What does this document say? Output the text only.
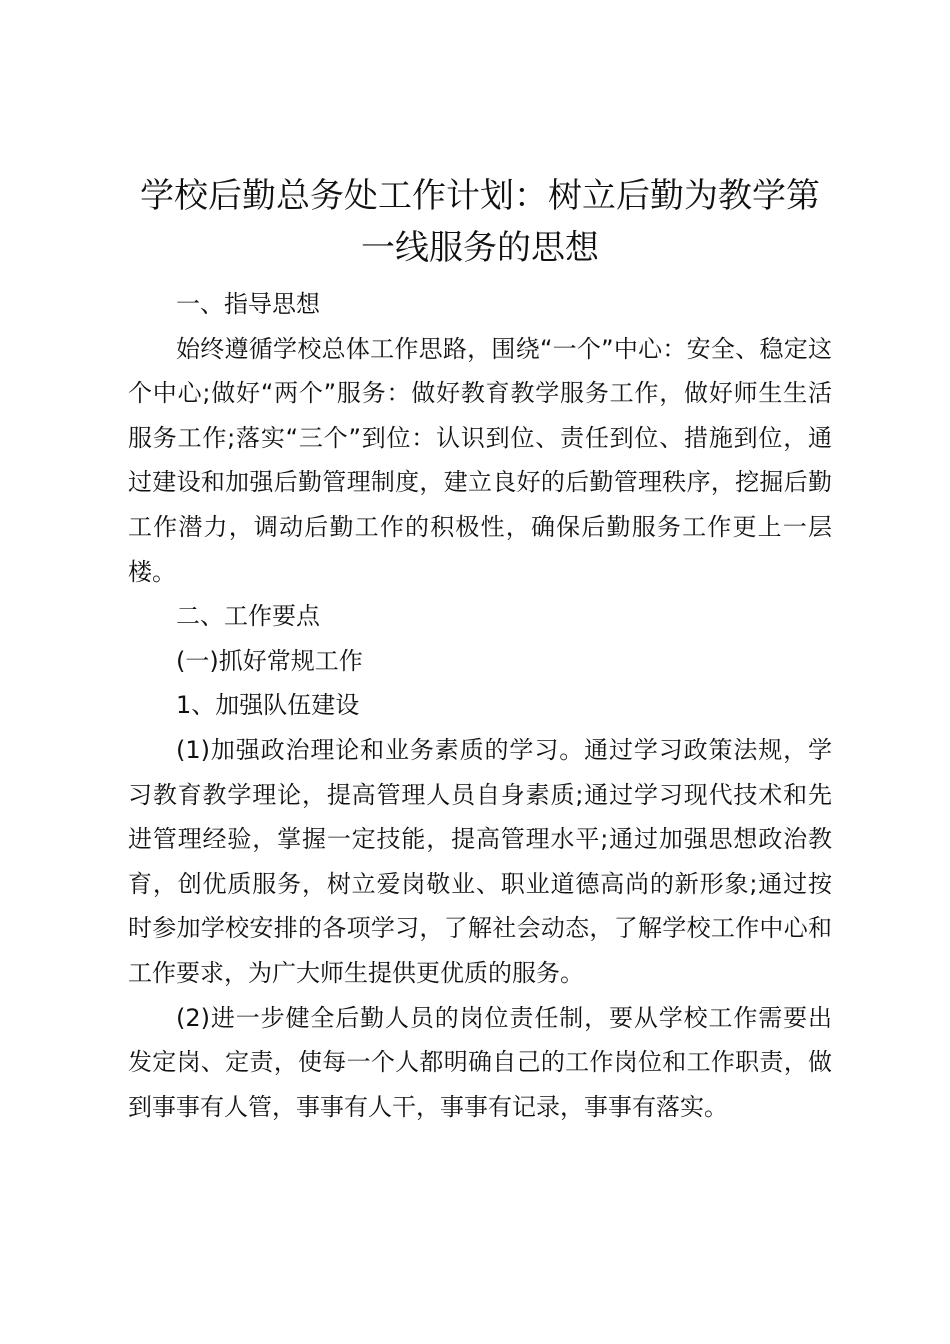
学校后勤总务处工作计划：树立后勤为教学第一线服务的思想

一、指导思想

始终遵循学校总体工作思路，围绕“一个”中心：安全、稳定这个中心;做好“两个”服务：做好教育教学服务工作，做好师生生活服务工作;落实“三个”到位：认识到位、责任到位、措施到位，通过建设和加强后勤管理制度，建立良好的后勤管理秩序，挖掘后勤工作潜力，调动后勤工作的积极性，确保后勤服务工作更上一层楼。

二、工作要点

(一)抓好常规工作

1、加强队伍建设

(1)加强政治理论和业务素质的学习。通过学习政策法规，学习教育教学理论，提高管理人员自身素质;通过学习现代技术和先进管理经验，掌握一定技能，提高管理水平;通过加强思想政治教育，创优质服务，树立爱岗敬业、职业道德高尚的新形象;通过按时参加学校安排的各项学习，了解社会动态，了解学校工作中心和工作要求，为广大师生提供更优质的服务。

(2)进一步健全后勤人员的岗位责任制，要从学校工作需要出发定岗、定责，使每一个人都明确自己的工作岗位和工作职责，做到事事有人管，事事有人干，事事有记录，事事有落实。
